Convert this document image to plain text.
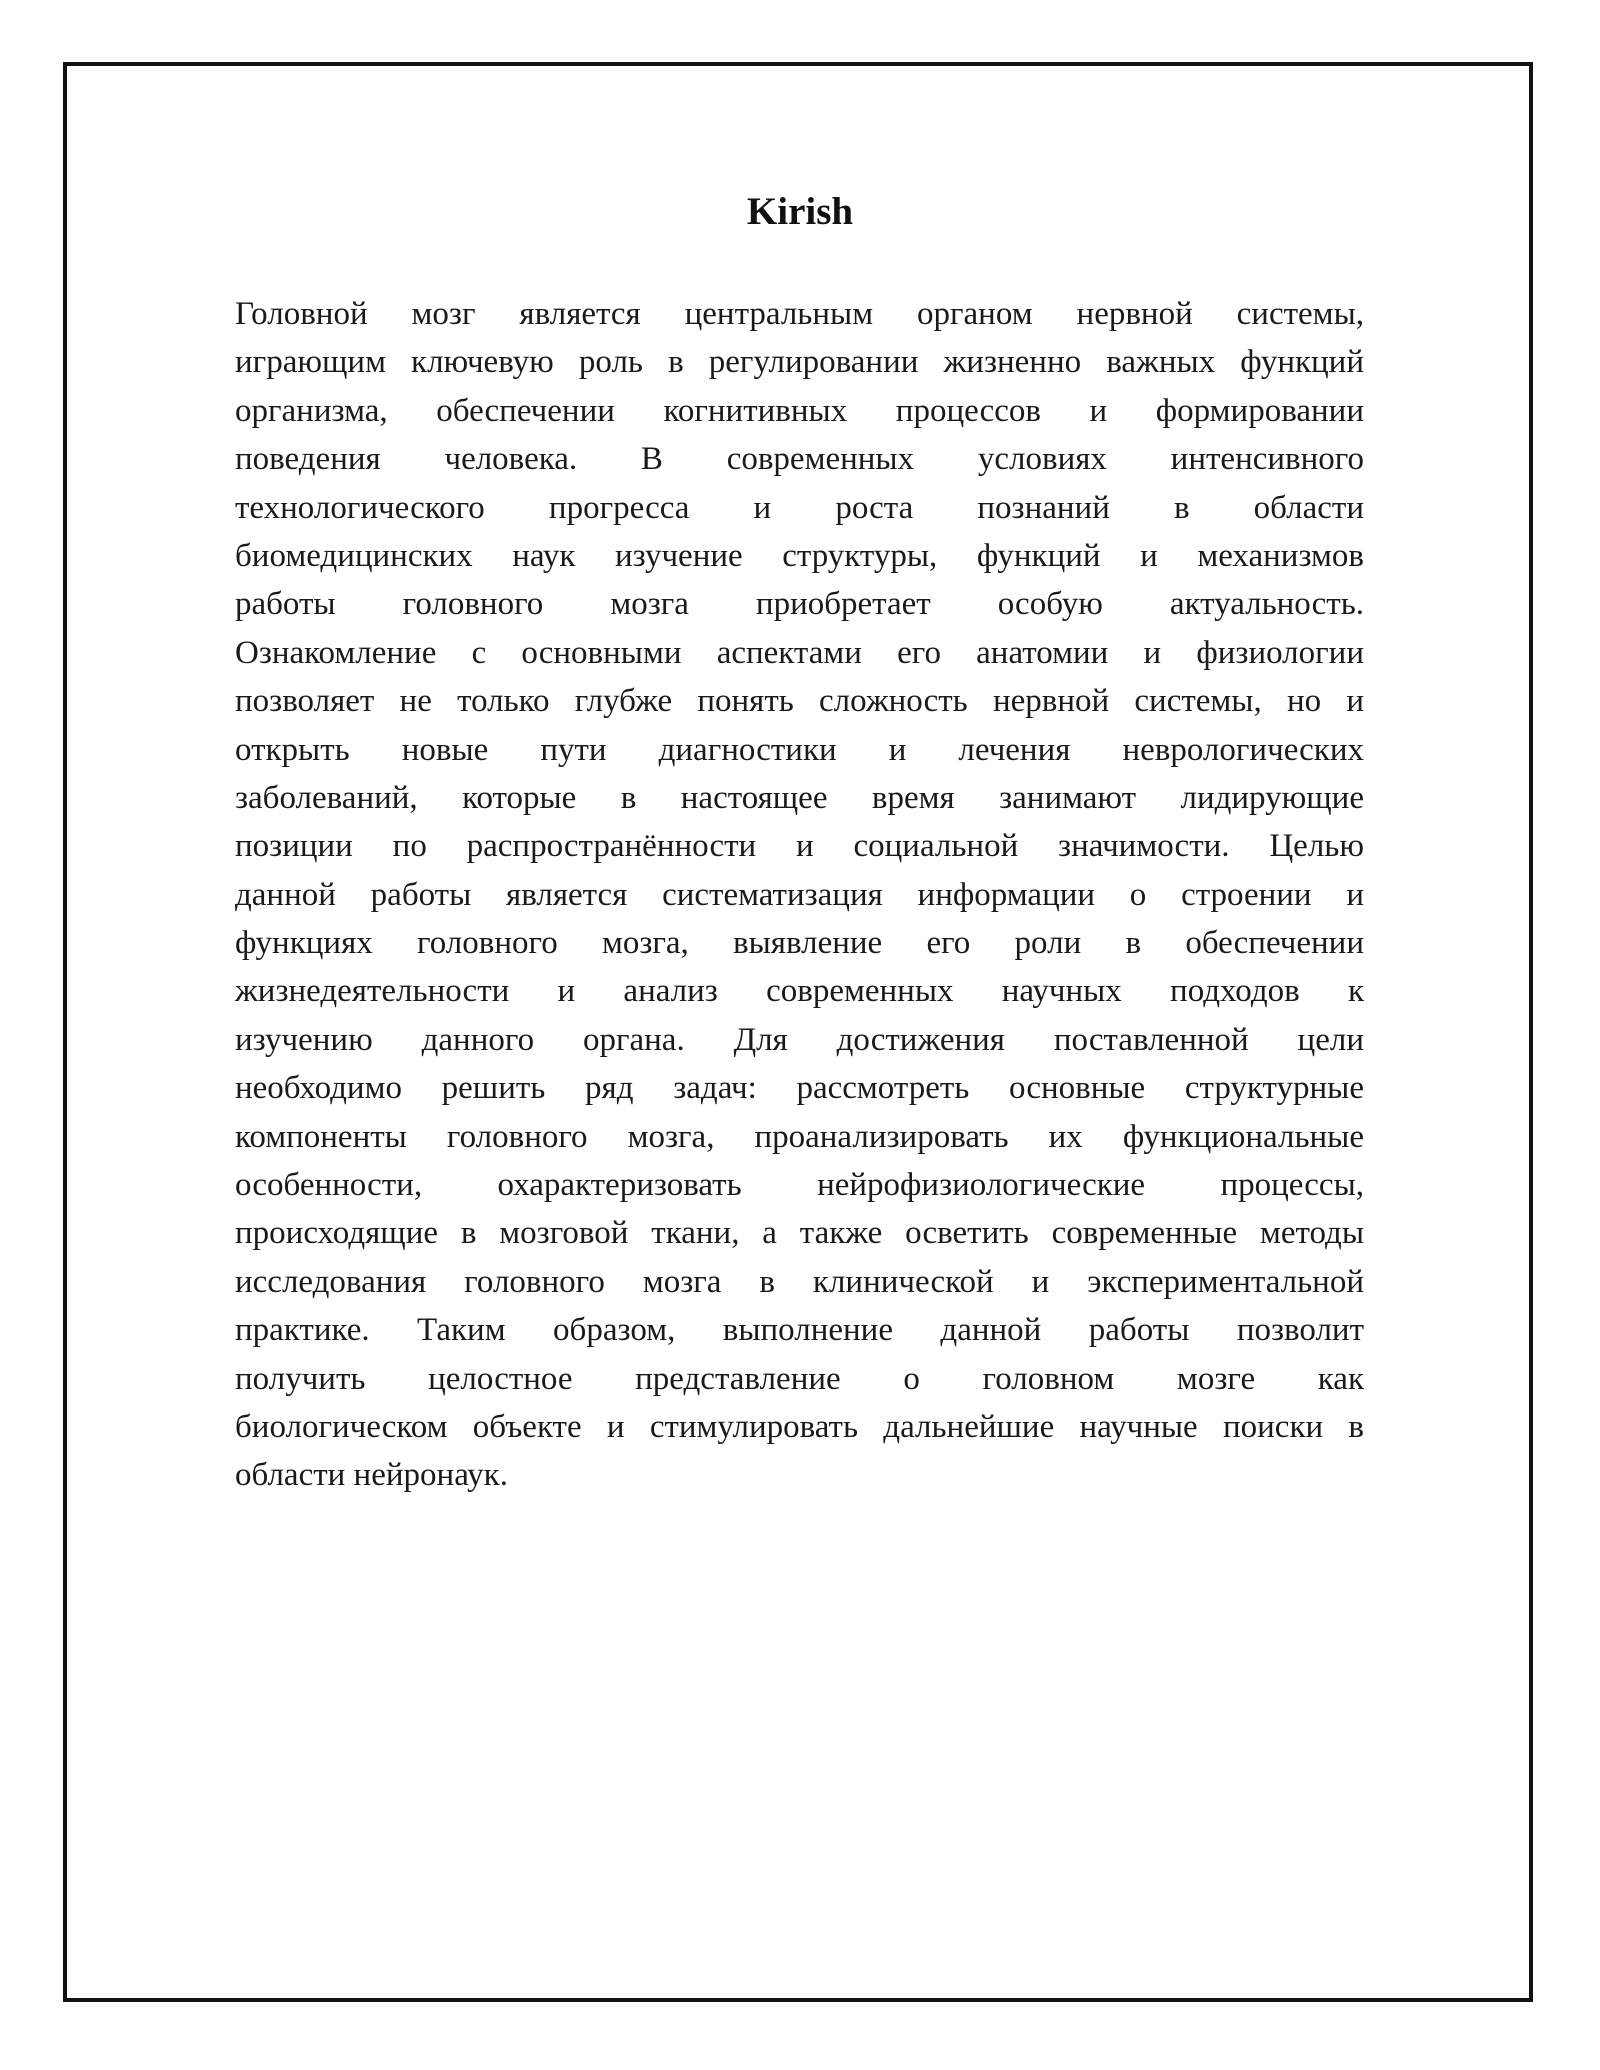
Kirish
Головной мозг является центральным органом нервной системы,
играющим ключевую роль в регулировании жизненно важных функций
организма, обеспечении когнитивных процессов и формировании
поведения человека. В современных условиях интенсивного
технологического прогресса и роста познаний в области
биомедицинских наук изучение структуры, функций и механизмов
работы головного мозга приобретает особую актуальность.
Ознакомление с основными аспектами его анатомии и физиологии
позволяет не только глубже понять сложность нервной системы, но и
открыть новые пути диагностики и лечения неврологических
заболеваний, которые в настоящее время занимают лидирующие
позиции по распространённости и социальной значимости. Целью
данной работы является систематизация информации о строении и
функциях головного мозга, выявление его роли в обеспечении
жизнедеятельности и анализ современных научных подходов к
изучению данного органа. Для достижения поставленной цели
необходимо решить ряд задач: рассмотреть основные структурные
компоненты головного мозга, проанализировать их функциональные
особенности, охарактеризовать нейрофизиологические процессы,
происходящие в мозговой ткани, а также осветить современные методы
исследования головного мозга в клинической и экспериментальной
практике. Таким образом, выполнение данной работы позволит
получить целостное представление о головном мозге как
биологическом объекте и стимулировать дальнейшие научные поиски в
области нейронаук.
